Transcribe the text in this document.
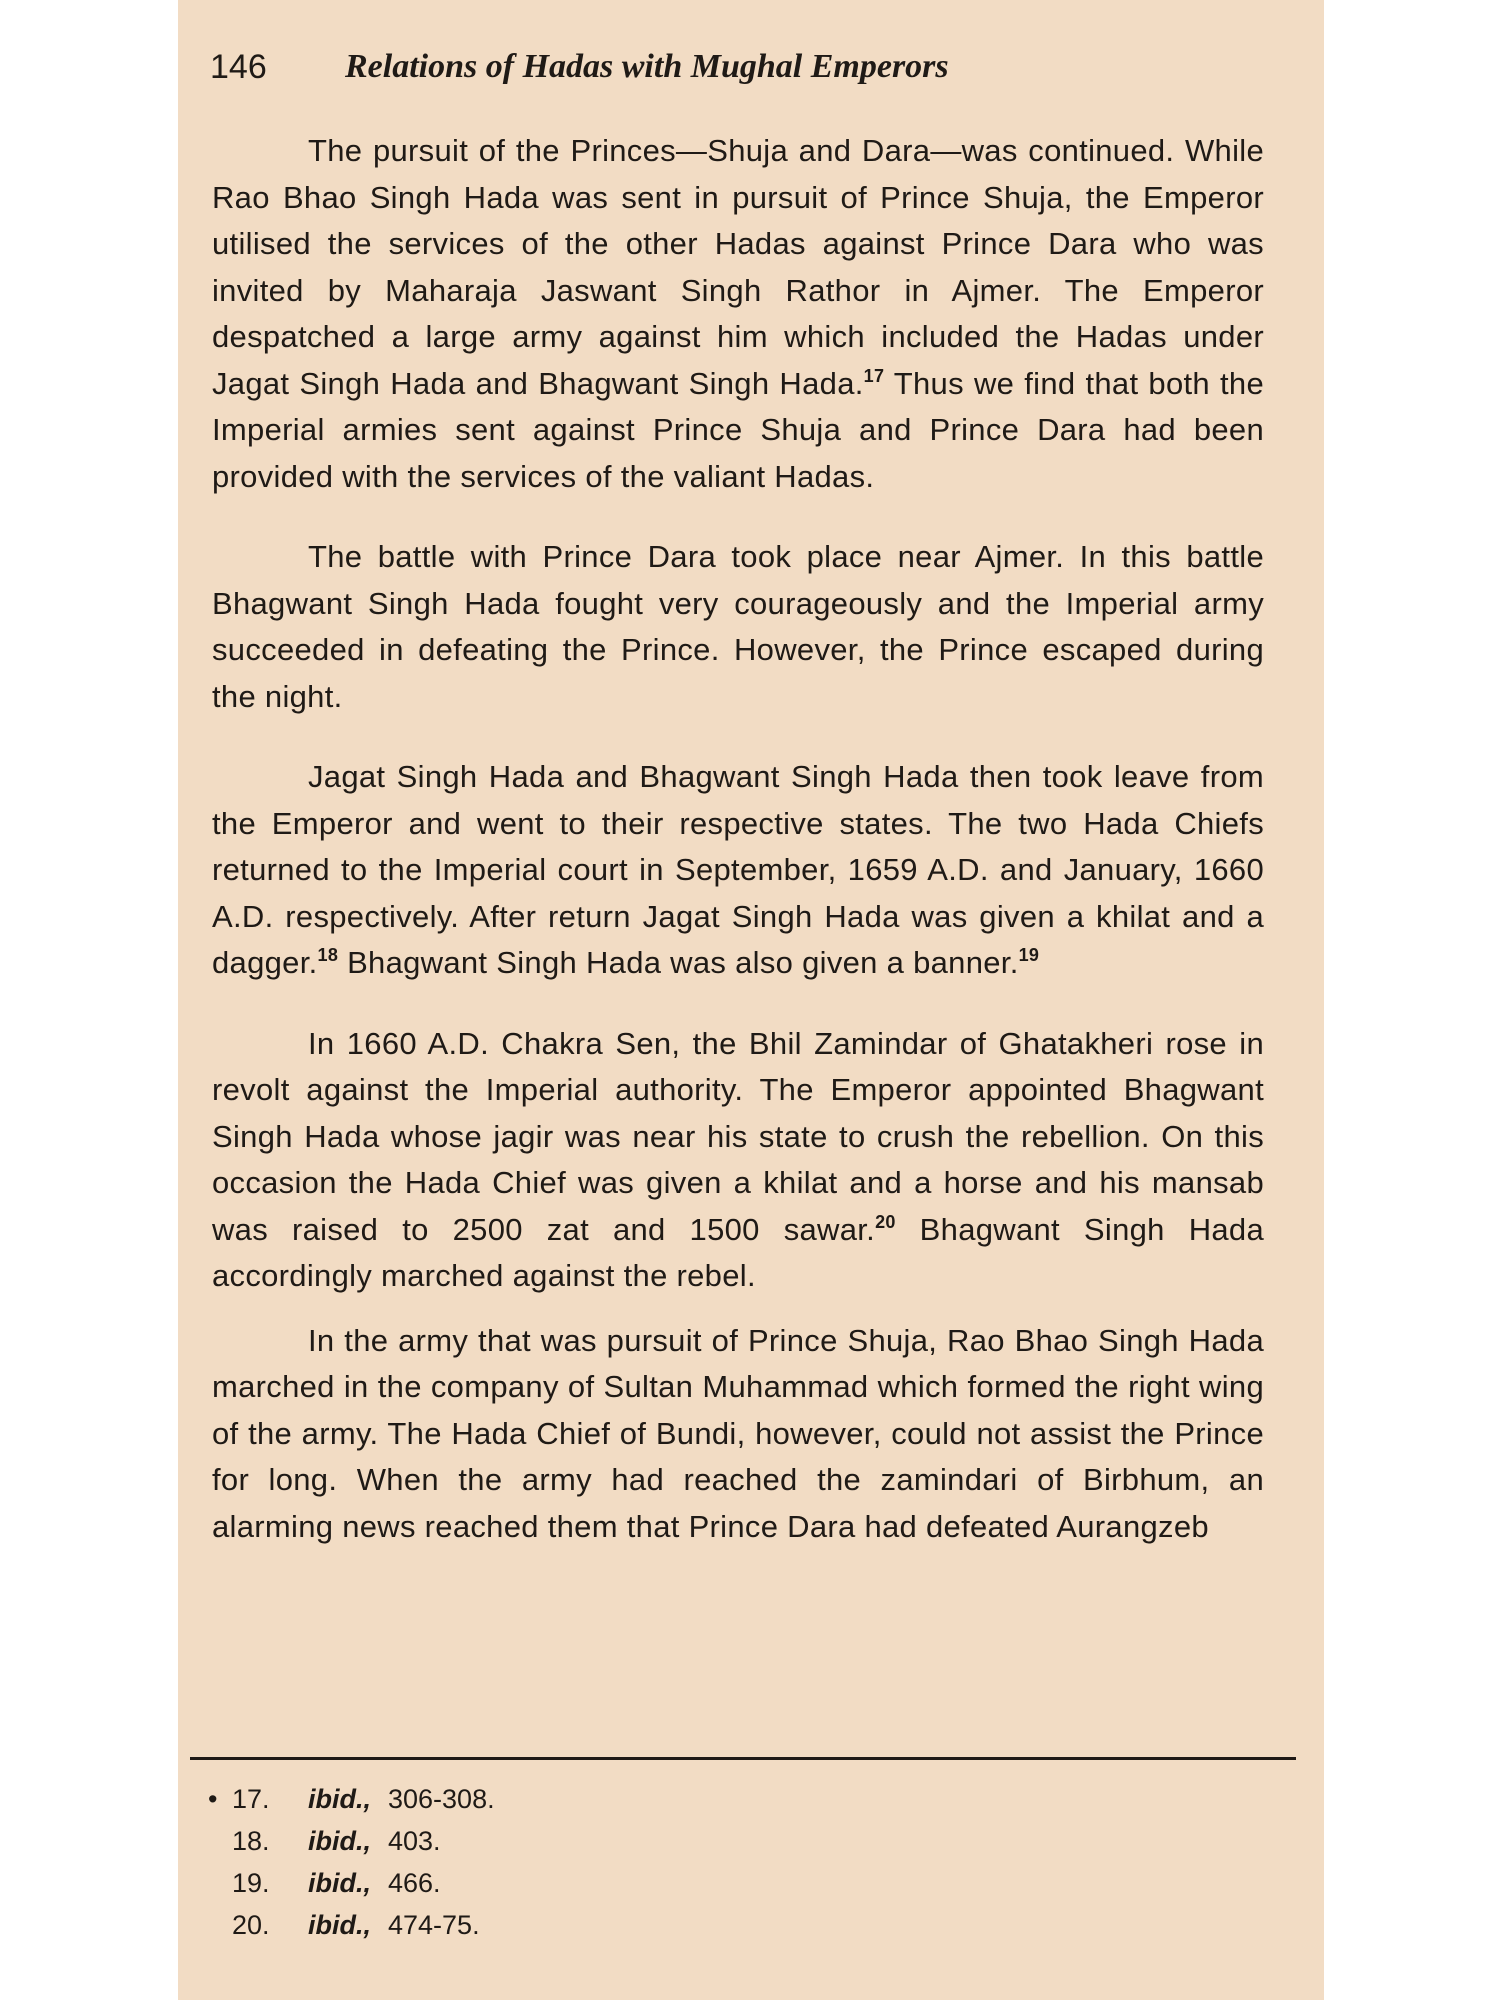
146 Relations of Hadas with Mughal Emperors

The pursuit of the Princes—Shuja and Dara—was continued. While Rao Bhao Singh Hada was sent in pursuit of Prince Shuja, the Emperor utilised the services of the other Hadas against Prince Dara who was invited by Maharaja Jaswant Singh Rathor in Ajmer. The Emperor despatched a large army against him which included the Hadas under Jagat Singh Hada and Bhagwant Singh Hada.$^{17}$ Thus we find that both the Imperial armies sent against Prince Shuja and Prince Dara had been provided with the services of the valiant Hadas.

The battle with Prince Dara took place near Ajmer. In this battle Bhagwant Singh Hada fought very courageously and the Imperial army succeeded in defeating the Prince. However, the Prince escaped during the night.

Jagat Singh Hada and Bhagwant Singh Hada then took leave from the Emperor and went to their respective states. The two Hada Chiefs returned to the Imperial court in September, 1659 A.D. and January, 1660 A.D. respectively. After return Jagat Singh Hada was given a khilat and a dagger.$^{18}$ Bhagwant Singh Hada was also given a banner.$^{19}$

In 1660 A.D. Chakra Sen, the Bhil Zamindar of Ghatakheri rose in revolt against the Imperial authority. The Emperor appointed Bhagwant Singh Hada whose jagir was near his state to crush the rebellion. On this occasion the Hada Chief was given a khilat and a horse and his mansab was raised to 2500 zat and 1500 sawar.$^{20}$ Bhagwant Singh Hada accordingly marched against the rebel.

In the army that was pursuit of Prince Shuja, Rao Bhao Singh Hada marched in the company of Sultan Muhammad which formed the right wing of the army. The Hada Chief of Bundi, however, could not assist the Prince for long. When the army had reached the zamindari of Birbhum, an alarming news reached them that Prince Dara had defeated Aurangzeb

• 17. ibid., 306-308.
18. ibid., 403.
19. ibid., 466.
20. ibid., 474-75.
